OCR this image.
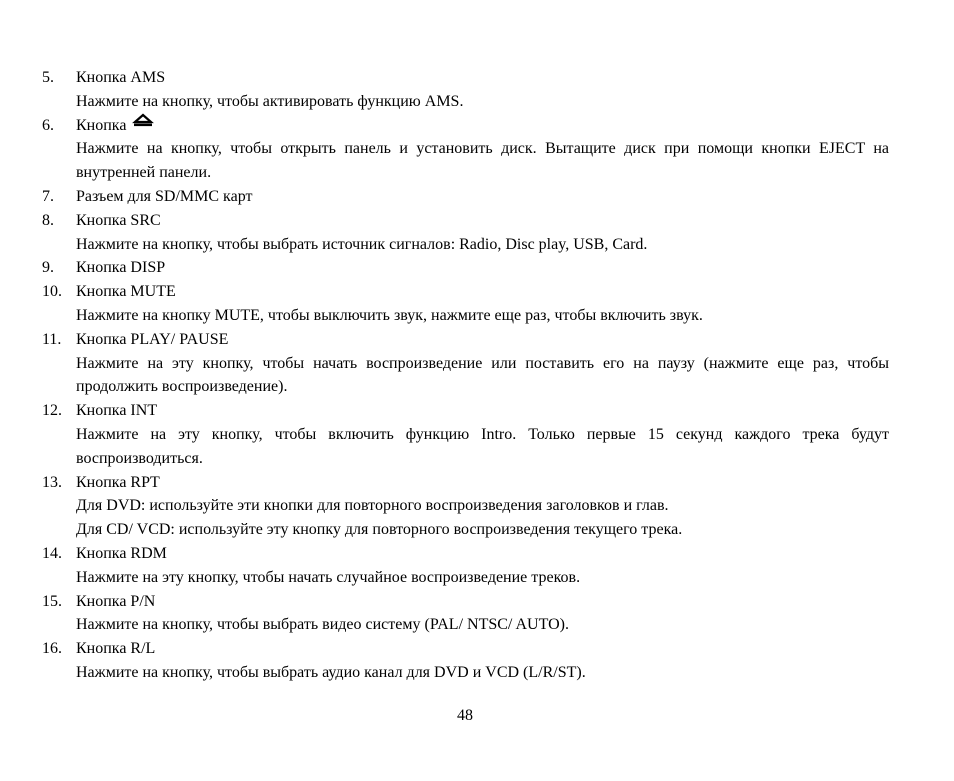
5. Кнопка AMS

Нажмите на кнопку, чтобы активировать функцию AMS.

6. Кнопка

Нажмите на кнопку, чтобы открыть панель и установить диск. Вытащите диск при помощи кнопки EJECT на внутренней панели.

7. Разъем для SD/MMC карт
8. Кнопка SRC

Нажмите на кнопку, чтобы выбрать источник сигналов: Radio, Disc play, USB, Card.

9. Кнопка DISP
10. Кнопка MUTE

Нажмите на кнопку MUTE, чтобы выключить звук, нажмите еще раз, чтобы включить звук.

11. Кнопка PLAY/ PAUSE

Нажмите на эту кнопку, чтобы начать воспроизведение или поставить его на паузу (нажмите еще раз, чтобы продолжить воспроизведение).

12. Кнопка INT

Нажмите на эту кнопку, чтобы включить функцию Intro. Только первые 15 секунд каждого трека будут воспроизводиться.

13. Кнопка RPT

Для DVD: используйте эти кнопки для повторного воспроизведения заголовков и глав.

Для CD/ VCD: используйте эту кнопку для повторного воспроизведения текущего трека.

14. Кнопка RDM

Нажмите на эту кнопку, чтобы начать случайное воспроизведение треков.

15. Кнопка P/N

Нажмите на кнопку, чтобы выбрать видео систему (PAL/ NTSC/ AUTO).

16. Кнопка R/L

Нажмите на кнопку, чтобы выбрать аудио канал для DVD и VCD (L/R/ST).

48
